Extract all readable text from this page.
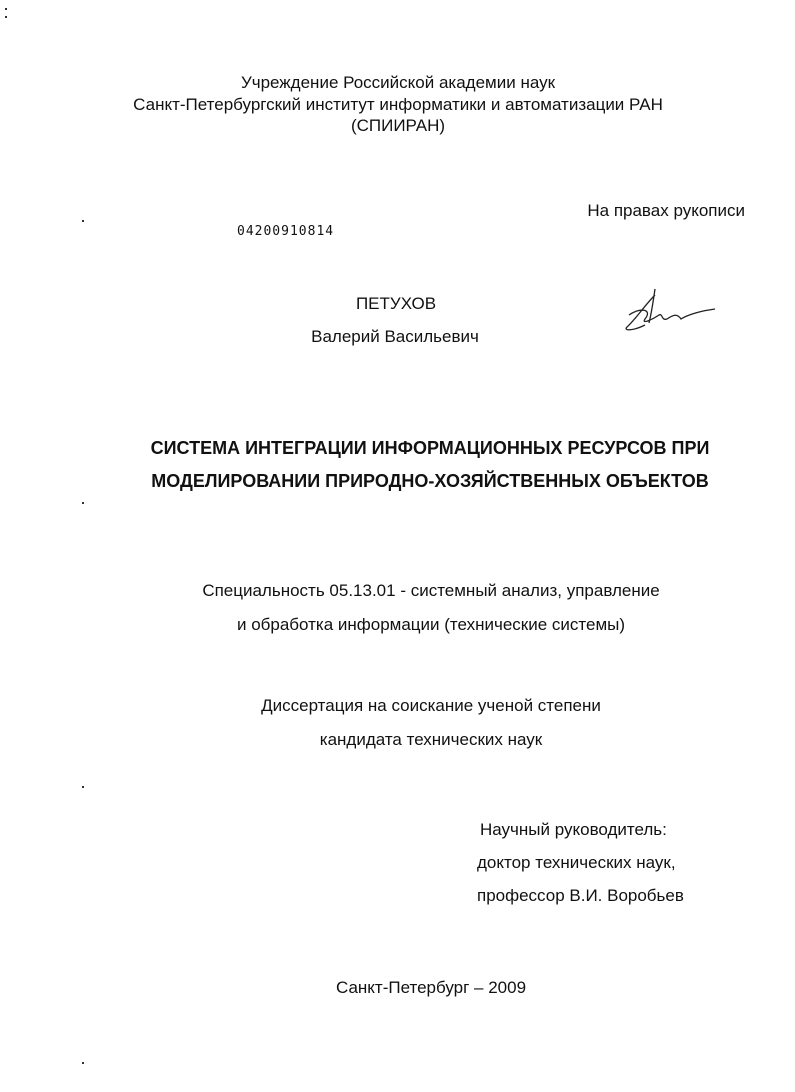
Учреждение Российской академии наук
Санкт-Петербургский институт информатики и автоматизации РАН
(СПИИРАН)
На правах рукописи
04200910814
ПЕТУХОВ
Валерий Васильевич
СИСТЕМА ИНТЕГРАЦИИ ИНФОРМАЦИОННЫХ РЕСУРСОВ ПРИ
МОДЕЛИРОВАНИИ ПРИРОДНО-ХОЗЯЙСТВЕННЫХ ОБЪЕКТОВ
Специальность 05.13.01 - системный анализ, управление
и обработка информации (технические системы)
Диссертация на соискание ученой степени
кандидата технических наук
Научный руководитель:
доктор технических наук,
профессор В.И. Воробьев
Санкт-Петербург – 2009
